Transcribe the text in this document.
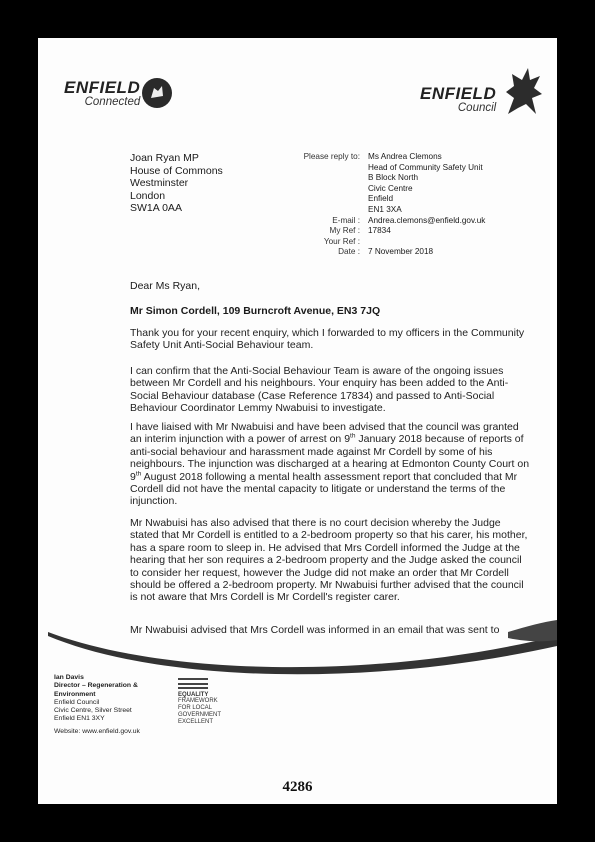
ENFIELD
Connected	ENFIELD
Council
Joan Ryan MP
House of Commons
Westminster
London
SW1A 0AA
Please reply to: Ms Andrea Clemons
Head of Community Safety Unit
B Block North
Civic Centre
Enfield
EN1 3XA
E-mail : Andrea.clemons@enfield.gov.uk
My Ref : 17834
Your Ref :
Date : 7 November 2018
Dear Ms Ryan,
Mr Simon Cordell, 109 Burncroft Avenue, EN3 7JQ
Thank you for your recent enquiry, which I forwarded to my officers in the Community Safety Unit Anti-Social Behaviour team.
I can confirm that the Anti-Social Behaviour Team is aware of the ongoing issues between Mr Cordell and his neighbours. Your enquiry has been added to the Anti-Social Behaviour database (Case Reference 17834) and passed to Anti-Social Behaviour Coordinator Lemmy Nwabuisi to investigate.
I have liaised with Mr Nwabuisi and have been advised that the council was granted an interim injunction with a power of arrest on 9th January 2018 because of reports of anti-social behaviour and harassment made against Mr Cordell by some of his neighbours. The injunction was discharged at a hearing at Edmonton County Court on 9th August 2018 following a mental health assessment report that concluded that Mr Cordell did not have the mental capacity to litigate or understand the terms of the injunction.
Mr Nwabuisi has also advised that there is no court decision whereby the Judge stated that Mr Cordell is entitled to a 2-bedroom property so that his carer, his mother, has a spare room to sleep in. He advised that Mrs Cordell informed the Judge at the hearing that her son requires a 2-bedroom property and the Judge asked the council to consider her request, however the Judge did not make an order that Mr Cordell should be offered a 2-bedroom property. Mr Nwabuisi further advised that the council is not aware that Mrs Cordell is Mr Cordell's register carer.
Mr Nwabuisi advised that Mrs Cordell was informed in an email that was sent to
Ian Davis
Director – Regeneration &
Environment
Enfield Council
Civic Centre, Silver Street
Enfield EN1 3XY
Website: www.enfield.gov.uk
EQUALITY
FRAMEWORK
FOR LOCAL
GOVERNMENT
EXCELLENT
4286
